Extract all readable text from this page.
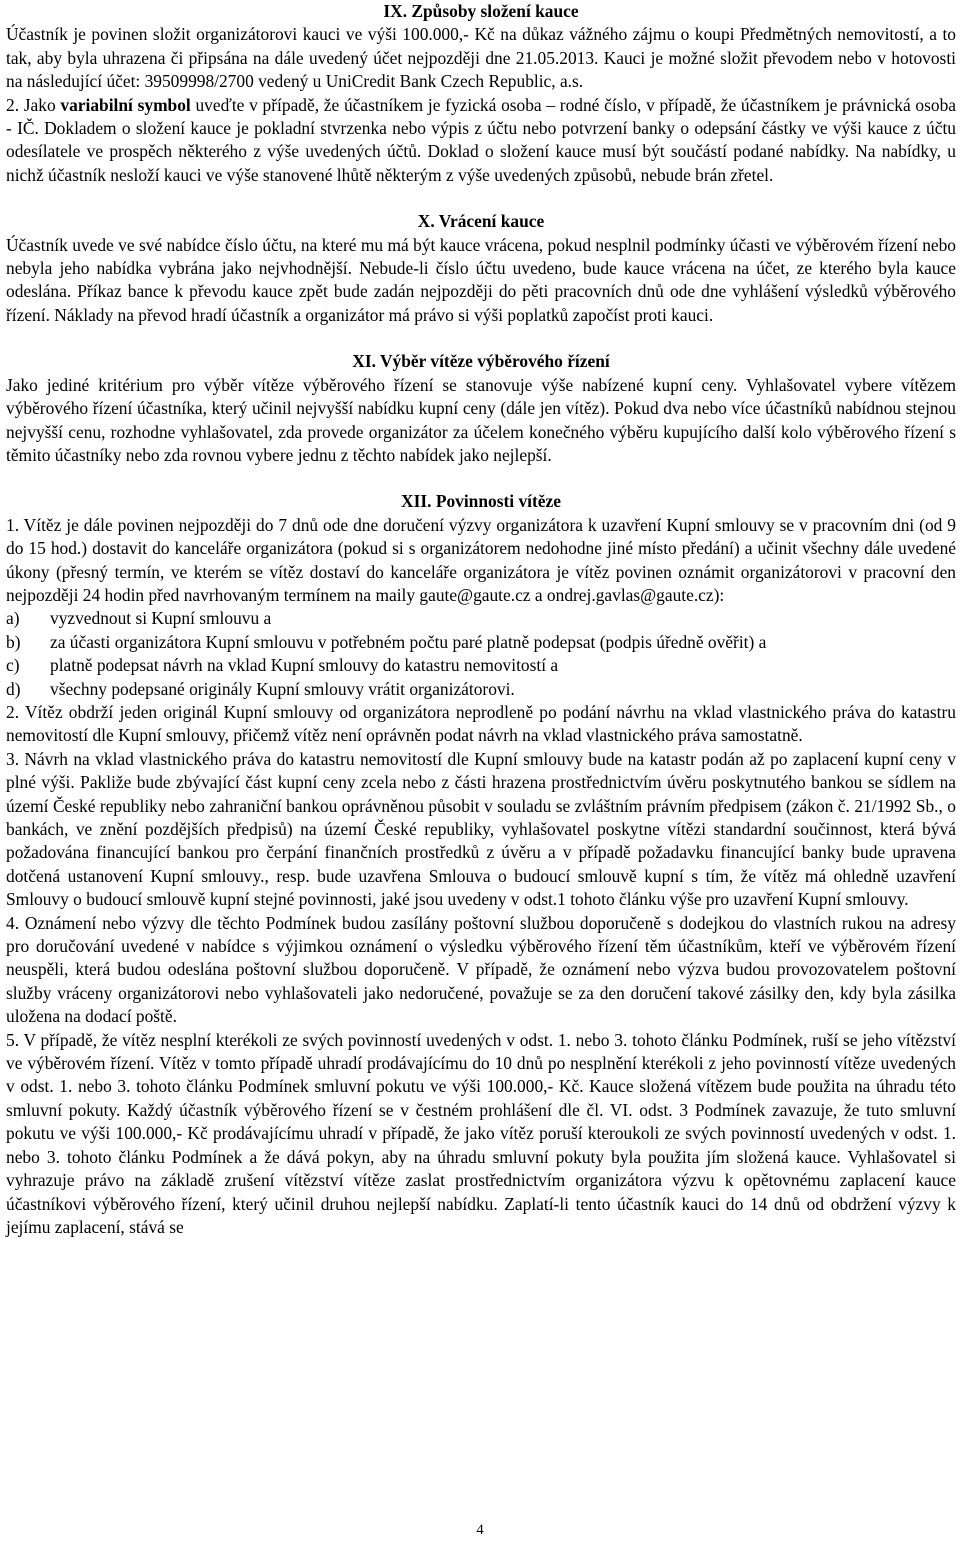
IX. Způsoby složení kauce

Účastník je povinen složit organizátorovi kauci ve výši 100.000,- Kč na důkaz vážného zájmu o koupi Předmětných nemovitostí, a to tak, aby byla uhrazena či připsána na dále uvedený účet nejpozději dne 21.05.2013. Kauci je možné složit převodem nebo v hotovosti na následující účet: 39509998/2700 vedený u UniCredit Bank Czech Republic, a.s.

2. Jako variabilní symbol uveďte v případě, že účastníkem je fyzická osoba – rodné číslo, v případě, že účastníkem je právnická osoba - IČ. Dokladem o složení kauce je pokladní stvrzenka nebo výpis z účtu nebo potvrzení banky o odepsání částky ve výši kauce z účtu odesílatele ve prospěch některého z výše uvedených účtů. Doklad o složení kauce musí být součástí podané nabídky. Na nabídky, u nichž účastník nesloží kauci ve výše stanovené lhůtě některým z výše uvedených způsobů, nebude brán zřetel.

X. Vrácení kauce

Účastník uvede ve své nabídce číslo účtu, na které mu má být kauce vrácena, pokud nesplnil podmínky účasti ve výběrovém řízení nebo nebyla jeho nabídka vybrána jako nejvhodnější. Nebude-li číslo účtu uvedeno, bude kauce vrácena na účet, ze kterého byla kauce odeslána. Příkaz bance k převodu kauce zpět bude zadán nejpozději do pěti pracovních dnů ode dne vyhlášení výsledků výběrového řízení. Náklady na převod hradí účastník a organizátor má právo si výši poplatků započíst proti kauci.

XI. Výběr vítěze výběrového řízení

Jako jediné kritérium pro výběr vítěze výběrového řízení se stanovuje výše nabízené kupní ceny. Vyhlašovatel vybere vítězem výběrového řízení účastníka, který učinil nejvyšší nabídku kupní ceny (dále jen vítěz). Pokud dva nebo více účastníků nabídnou stejnou nejvyšší cenu, rozhodne vyhlašovatel, zda provede organizátor za účelem konečného výběru kupujícího další kolo výběrového řízení s těmito účastníky nebo zda rovnou vybere jednu z těchto nabídek jako nejlepší.

XII. Povinnosti vítěze

1. Vítěz je dále povinen nejpozději do 7 dnů ode dne doručení výzvy organizátora k uzavření Kupní smlouvy se v pracovním dni (od 9 do 15 hod.) dostavit do kanceláře organizátora (pokud si s organizátorem nedohodne jiné místo předání) a učinit všechny dále uvedené úkony (přesný termín, ve kterém se vítěz dostaví do kanceláře organizátora je vítěz povinen oznámit organizátorovi v pracovní den nejpozději 24 hodin před navrhovaným termínem na maily gaute@gaute.cz a ondrej.gavlas@gaute.cz):

a)	vyzvednout si Kupní smlouvu a
b)	za účasti organizátora Kupní smlouvu v potřebném počtu paré platně podepsat (podpis úředně ověřit) a
c)	platně podepsat návrh na vklad Kupní smlouvy do katastru nemovitostí a
d)	všechny podepsané originály Kupní smlouvy vrátit organizátorovi.

2. Vítěz obdrží jeden originál Kupní smlouvy od organizátora neprodleně po podání návrhu na vklad vlastnického práva do katastru nemovitostí dle Kupní smlouvy, přičemž vítěz není oprávněn podat návrh na vklad vlastnického práva samostatně.

3. Návrh na vklad vlastnického práva do katastru nemovitostí dle Kupní smlouvy bude na katastr podán až po zaplacení kupní ceny v plné výši. Pakliže bude zbývající část kupní ceny zcela nebo z části hrazena prostřednictvím úvěru poskytnutého bankou se sídlem na území České republiky nebo zahraniční bankou oprávněnou působit v souladu se zvláštním právním předpisem (zákon č. 21/1992 Sb., o bankách, ve znění pozdějších předpisů) na území České republiky, vyhlašovatel poskytne vítězi standardní součinnost, která bývá požadována financující bankou pro čerpání finančních prostředků z úvěru a v případě požadavku financující banky bude upravena dotčená ustanovení Kupní smlouvy., resp. bude uzavřena Smlouva o budoucí smlouvě kupní s tím, že vítěz má ohledně uzavření Smlouvy o budoucí smlouvě kupní stejné povinnosti, jaké jsou uvedeny v odst.1 tohoto článku výše pro uzavření Kupní smlouvy.

4. Oznámení nebo výzvy dle těchto Podmínek budou zasílány poštovní službou doporučeně s dodejkou do vlastních rukou na adresy pro doručování uvedené v nabídce s výjimkou oznámení o výsledku výběrového řízení těm účastníkům, kteří ve výběrovém řízení neuspěli, která budou odeslána poštovní službou doporučeně. V případě, že oznámení nebo výzva budou provozovatelem poštovní služby vráceny organizátorovi nebo vyhlašovateli jako nedoručené, považuje se za den doručení takové zásilky den, kdy byla zásilka uložena na dodací poště.

5. V případě, že vítěz nesplní kterékoli ze svých povinností uvedených v odst. 1. nebo 3. tohoto článku Podmínek, ruší se jeho vítězství ve výběrovém řízení. Vítěz v tomto případě uhradí prodávajícímu do 10 dnů po nesplnění kterékoli z jeho povinností vítěze uvedených v odst. 1. nebo 3. tohoto článku Podmínek smluvní pokutu ve výši 100.000,- Kč. Kauce složená vítězem bude použita na úhradu této smluvní pokuty. Každý účastník výběrového řízení se v čestném prohlášení dle čl. VI. odst. 3 Podmínek zavazuje, že tuto smluvní pokutu ve výši 100.000,- Kč prodávajícímu uhradí v případě, že jako vítěz poruší kteroukoli ze svých povinností uvedených v odst. 1. nebo 3. tohoto článku Podmínek a že dává pokyn, aby na úhradu smluvní pokuty byla použita jím složená kauce. Vyhlašovatel si vyhrazuje právo na základě zrušení vítězství vítěze zaslat prostřednictvím organizátora výzvu k opětovnému zaplacení kauce účastníkovi výběrového řízení, který učinil druhou nejlepší nabídku. Zaplatí-li tento účastník kauci do 14 dnů od obdržení výzvy k jejímu zaplacení, stává se

4
